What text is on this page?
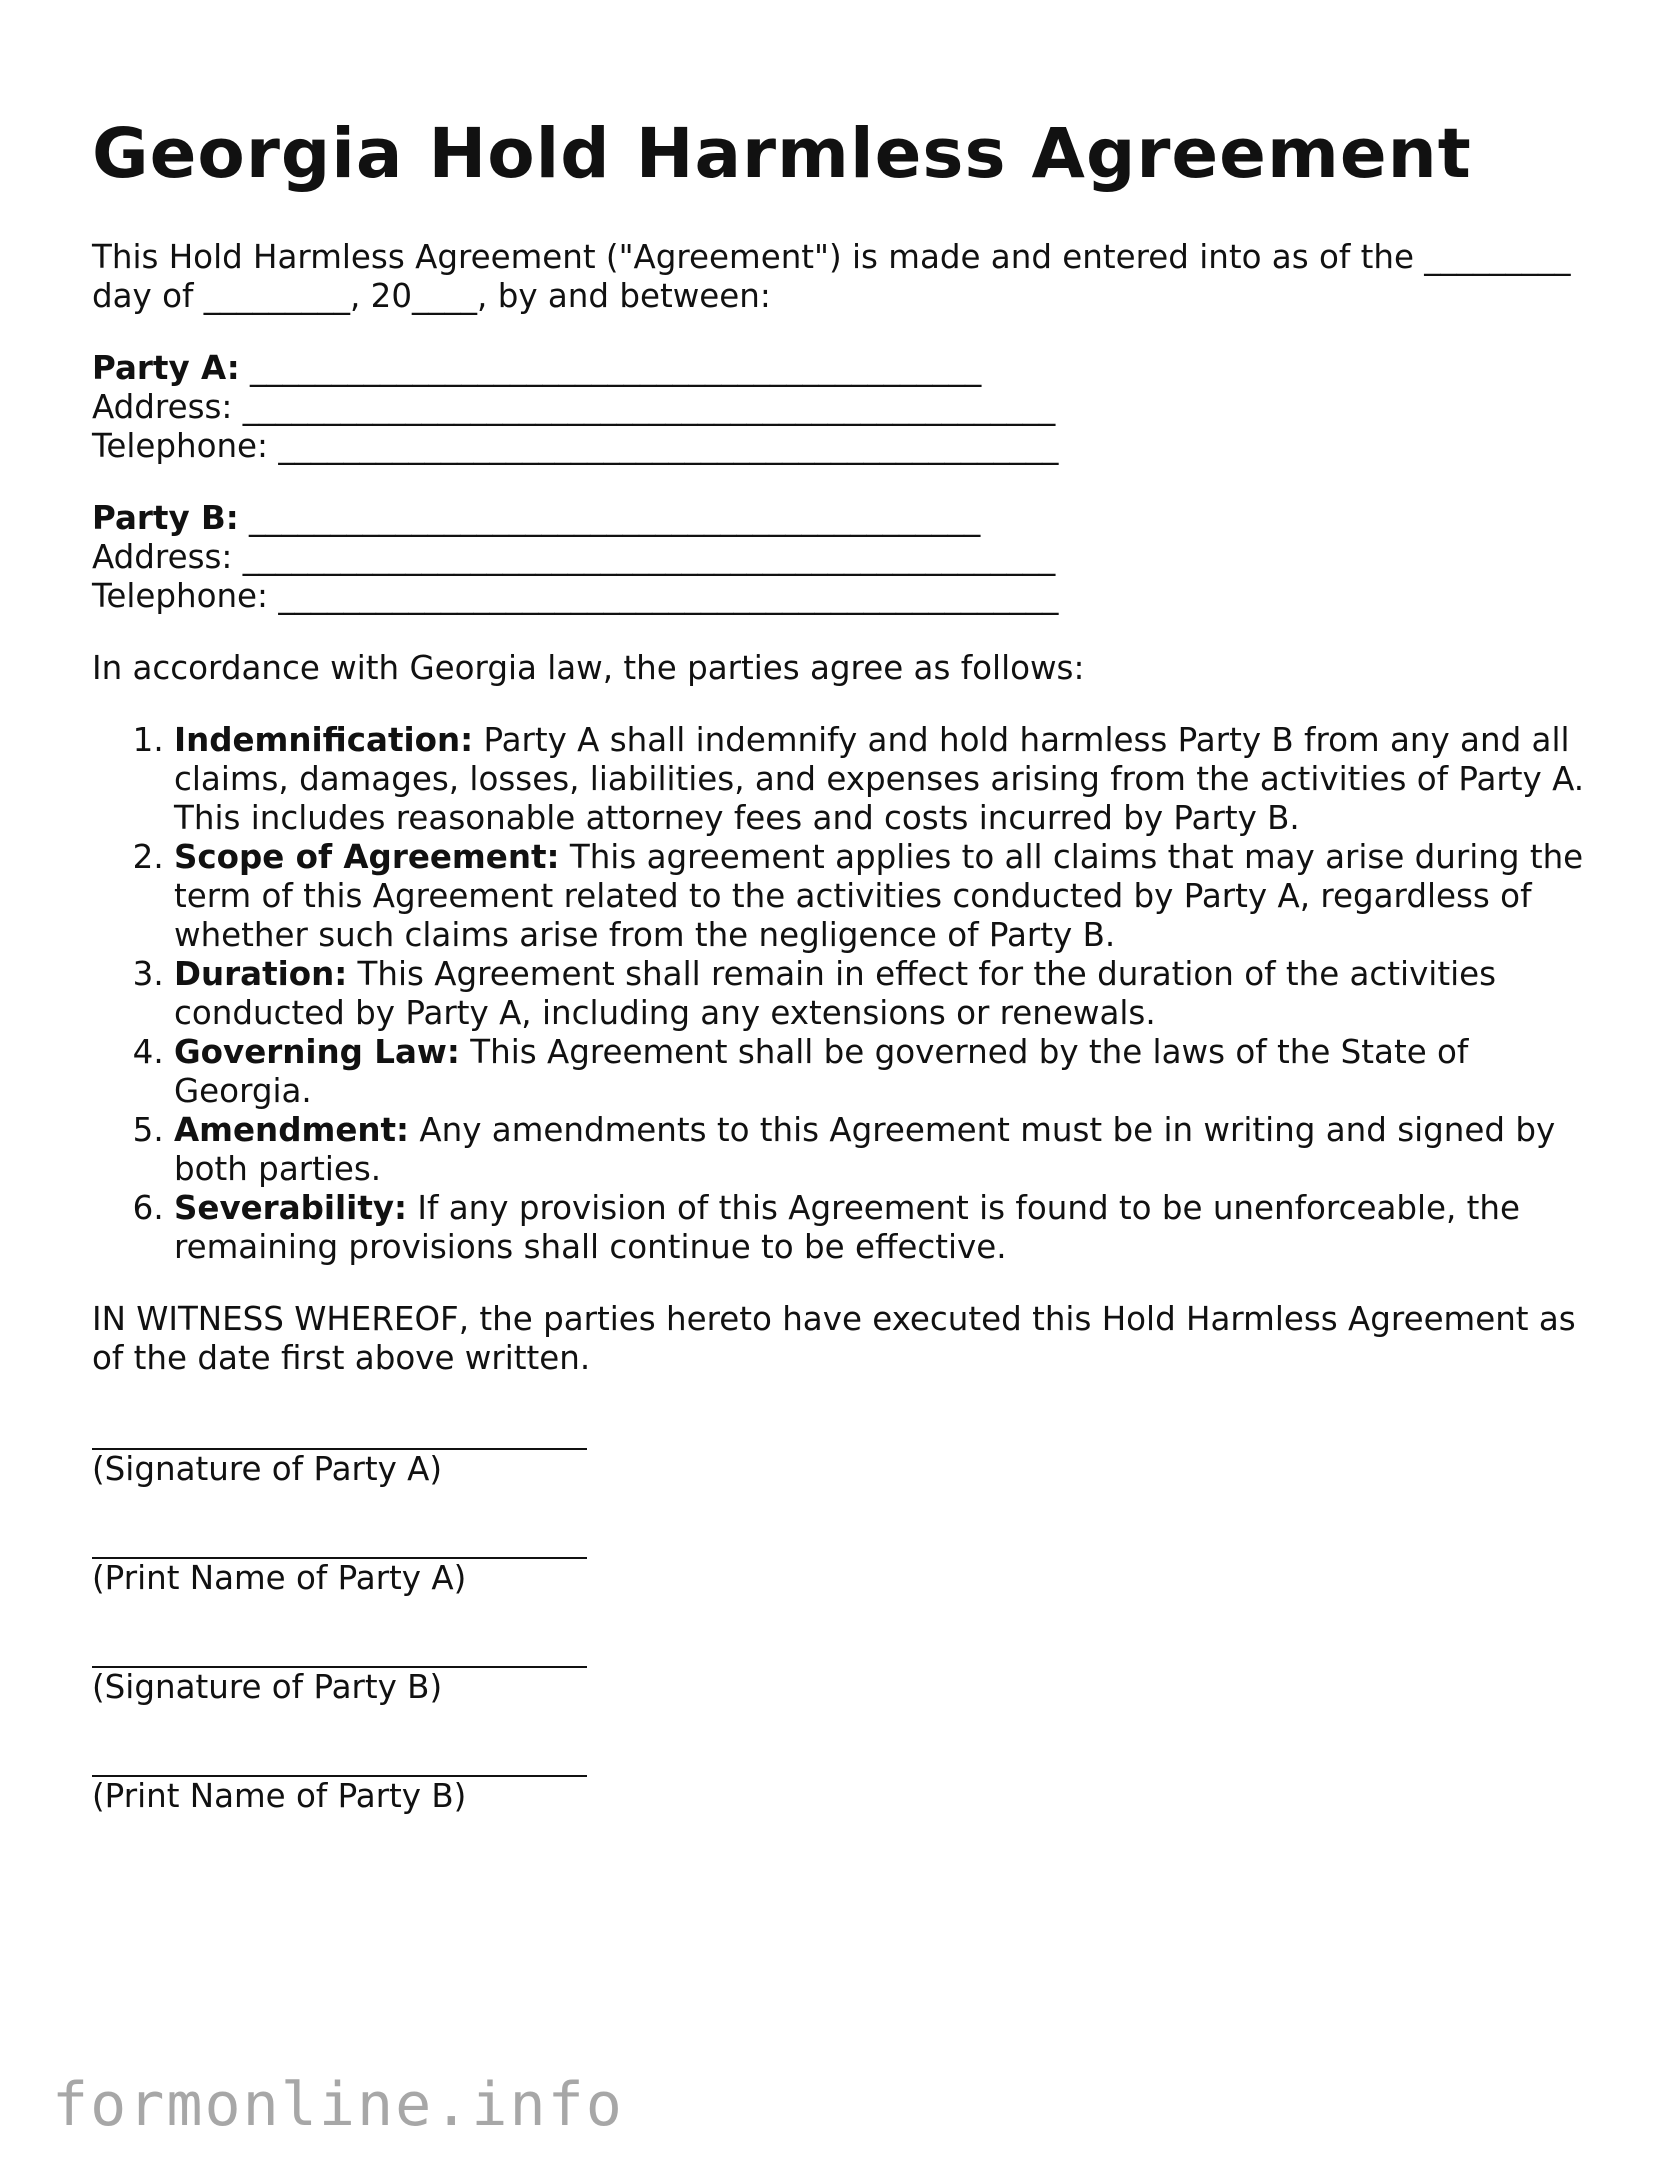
Georgia Hold Harmless Agreement

This Hold Harmless Agreement ("Agreement") is made and entered into as of the _________ day of _________, 20____, by and between:

Party A: _____________________________________________
Address: __________________________________________________
Telephone: ________________________________________________
Party B: _____________________________________________
Address: __________________________________________________
Telephone: ________________________________________________

In accordance with Georgia law, the parties agree as follows:

1. Indemnification: Party A shall indemnify and hold harmless Party B from any and all claims, damages, losses, liabilities, and expenses arising from the activities of Party A. This includes reasonable attorney fees and costs incurred by Party B.
2. Scope of Agreement: This agreement applies to all claims that may arise during the term of this Agreement related to the activities conducted by Party A, regardless of whether such claims arise from the negligence of Party B.
3. Duration: This Agreement shall remain in effect for the duration of the activities conducted by Party A, including any extensions or renewals.
4. Governing Law: This Agreement shall be governed by the laws of the State of Georgia.
5. Amendment: Any amendments to this Agreement must be in writing and signed by both parties.
6. Severability: If any provision of this Agreement is found to be unenforceable, the remaining provisions shall continue to be effective.

IN WITNESS WHEREOF, the parties hereto have executed this Hold Harmless Agreement as of the date first above written.

(Signature of Party A)
(Print Name of Party A)
(Signature of Party B)
(Print Name of Party B)
formonline.info
